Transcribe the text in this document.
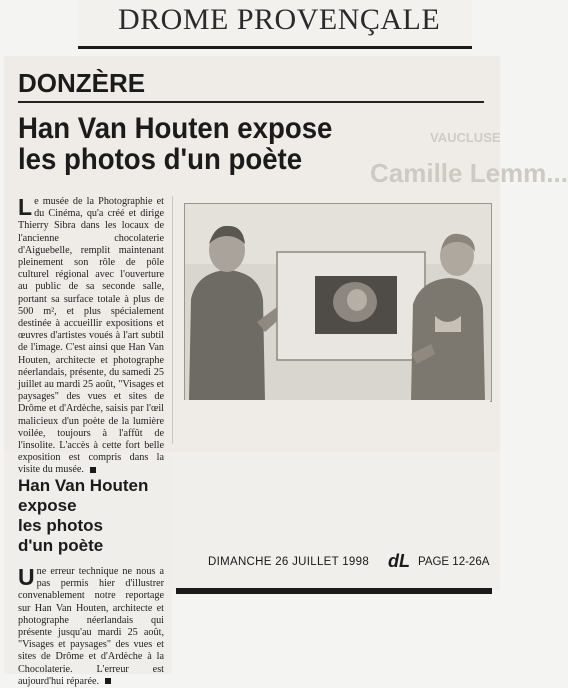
DROME PROVENÇALE
VAUCLUSE
Camille Lemm...
DONZÈRE
Han Van Houten expose
les photos d'un poète
Le musée de la Photographie et du Cinéma, qu'a créé et dirige Thierry Sibra dans les locaux de l'ancienne chocolaterie d'Aiguebelle, remplit maintenant pleinement son rôle de pôle culturel régional avec l'ouverture au public de sa seconde salle, portant sa surface totale à plus de 500 m², et plus spécialement destinée à accueillir expositions et œuvres d'artistes voués à l'art subtil de l'image. C'est ainsi que Han Van Houten, architecte et photographe néerlandais, présente, du samedi 25 juillet au mardi 25 août, "Visages et paysages" des vues et sites de Drôme et d'Ardèche, saisis par l'œil malicieux d'un poète de la lumière voilée, toujours à l'affût de l'insolite. L'accès à cette fort belle exposition est compris dans la visite du musée.
Han Van Houten
expose
les photos
d'un poète
Une erreur technique ne nous a pas permis hier d'illustrer convenablement notre reportage sur Han Van Houten, architecte et photographe néerlandais qui présente jusqu'au mardi 25 août, "Visages et paysages" des vues et sites de Drôme et d'Ardèche à la Chocolaterie. L'erreur est aujourd'hui réparée.
DIMANCHE 26 JUILLET 1998 dL PAGE 12-26A
